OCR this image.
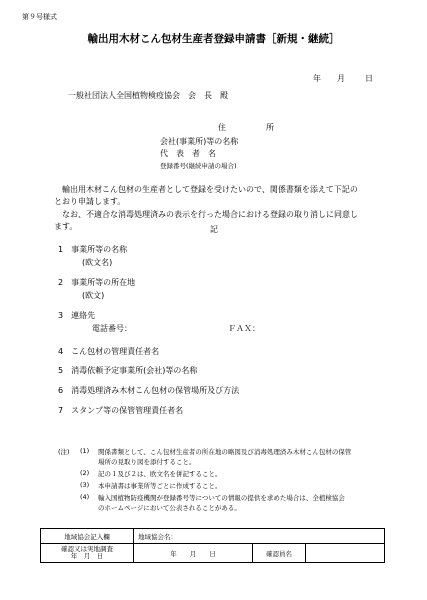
第９号様式
輸出用木材こん包材生産者登録申請書［新規・継続］
年 月	日
一般社団法人全国植物検疫協会　会　長　殿
住　　　　　所
会社(事業所)等の名称
代　表　者　名
登録番号(継続申請の場合)
輸出用木材こん包材の生産者として登録を受けたいので、関係書類を添えて下記の
とおり申請します。
なお、不適合な消毒処理済みの表示を行った場合における登録の取り消しに同意し
ます。	記
1　事業所等の名称
(欧文名)
2　事業所等の所在地
(欧文)
3　連絡先
電話番号：	ＦＡＸ：
4　こん包材の管理責任者名
5　消毒依頼予定事業所(会社)等の名称
6　消毒処理済み木材こん包材の保管場所及び方法
7　スタンプ等の保管管理責任者名
(注) (1) 関係書類として、こん包材生産者の所在地の略図及び消毒処理済み木材こん包材の保管
場所の見取り図を添付すること。
(2) 記の１及び２は、欧文名を併記すること。
(3) 本申請書は事業所等ごとに作成すること。
(4) 輸入国植物防疫機関が登録番号等についての情報の提供を求めた場合は、全植検協会
のホームページにおいて公表されることがある。
地域協会記入欄	地域協会名：		

確認又は実地調査
年　月　日	年　　月　　日	確認員名	
